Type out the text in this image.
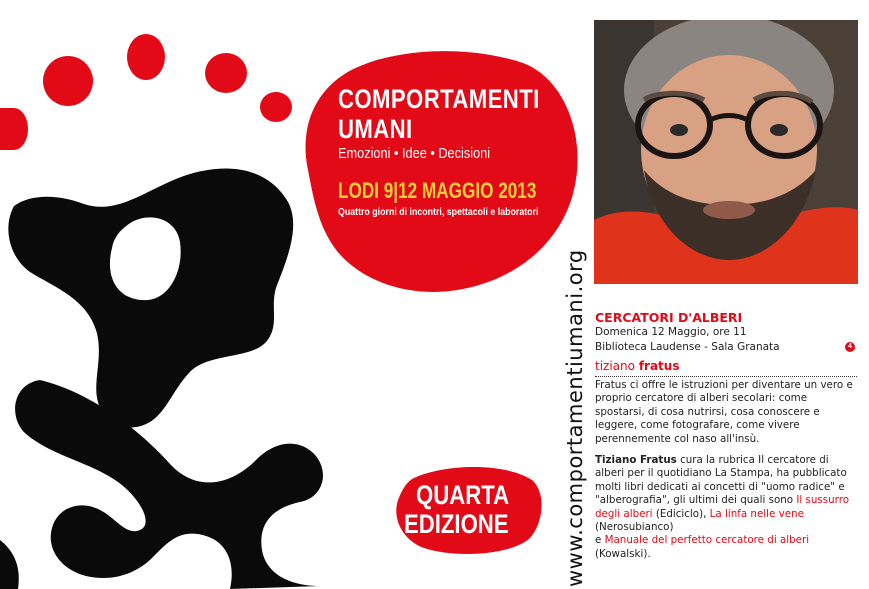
COMPORTAMENTI
UMANI
Emozioni • Idee • Decisioni
LODI 9|12 MAGGIO 2013
Quattro giorni di incontri, spettacoli e laboratori
QUARTA
EDIZIONE	www.comportamentiumani.org CERCATORI D'ALBERI
Domenica 12 Maggio, ore 11
Biblioteca Laudense - Sala Granata	4
tiziano fratus
Fratus ci offre le istruzioni per diventare un vero e proprio cercatore di alberi secolari: come spostarsi, di cosa nutrirsi, cosa conoscere e leggere, come fotografare, come vivere perennemente col naso all'insù.
Tiziano Fratus cura la rubrica Il cercatore di alberi per il quotidiano La Stampa, ha pubblicato molti libri dedicati ai concetti di "uomo radice" e "alberografia", gli ultimi dei quali sono Il sussurro degli alberi (Ediciclo), La linfa nelle vene (Nerosubianco)
e Manuale del perfetto cercatore di alberi (Kowalski).
